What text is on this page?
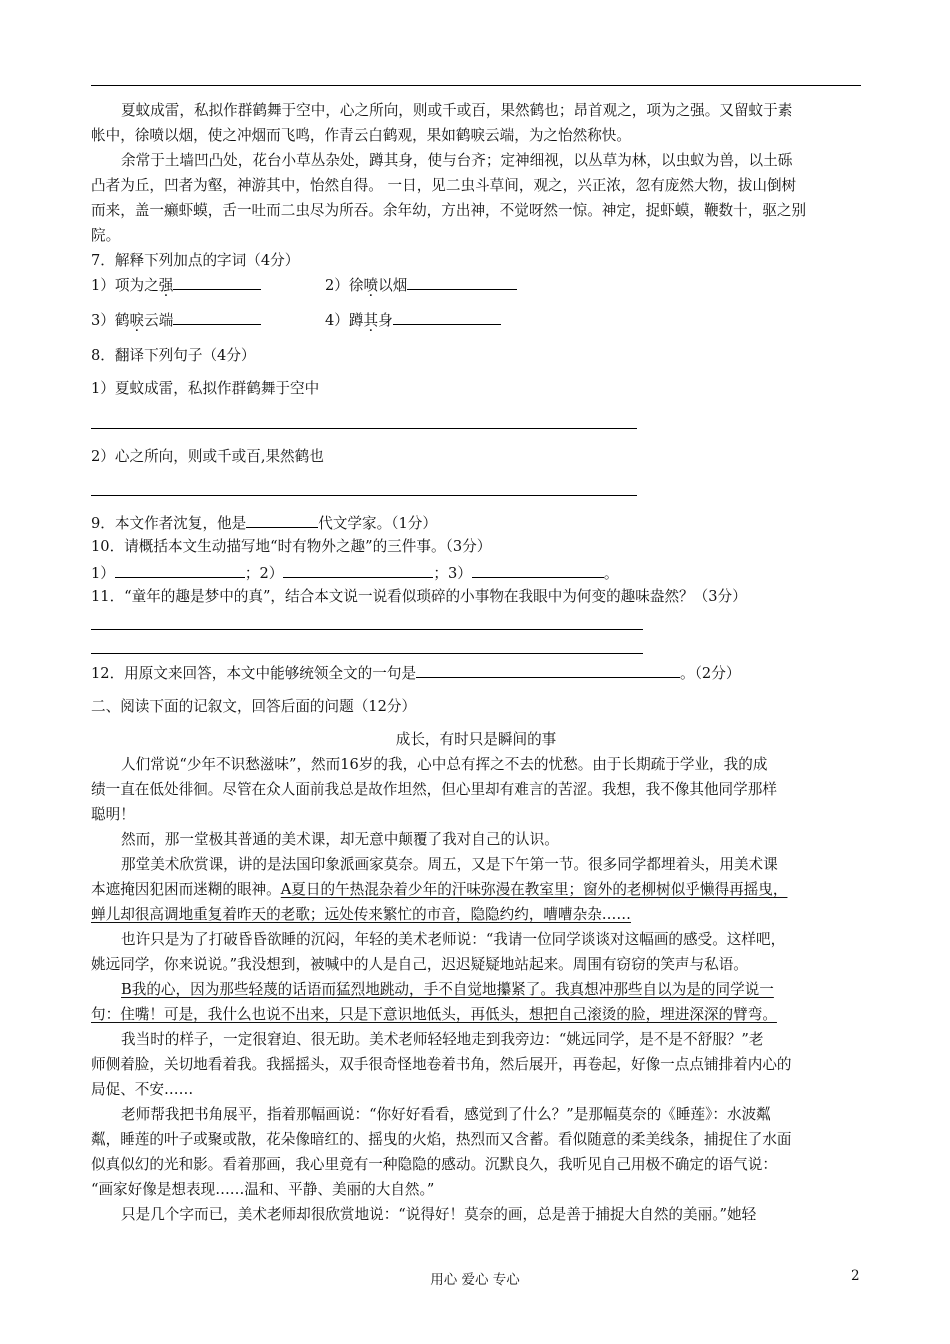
夏蚊成雷，私拟作群鹤舞于空中，心之所向，则或千或百，果然鹤也；昂首观之，项为之强。又留蚊于素
帐中，徐喷以烟，使之冲烟而飞鸣，作青云白鹤观，果如鹤唳云端，为之怡然称快。
余常于土墙凹凸处，花台小草丛杂处，蹲其身，使与台齐；定神细视，以丛草为林，以虫蚁为兽，以土砾
凸者为丘，凹者为壑，神游其中，怡然自得。 一日，见二虫斗草间，观之，兴正浓，忽有庞然大物，拔山倒树
而来，盖一癞虾蟆，舌一吐而二虫尽为所吞。余年幼，方出神，不觉呀然一惊。神定，捉虾蟆，鞭数十，驱之别
院。
7．解释下列加点的字词（4分）
1）项为之强	2）徐喷以烟
3）鹤唳云端	4）蹲其身
8．翻译下列句子（4分）
1）夏蚊成雷，私拟作群鹤舞于空中
2）心之所向，则或千或百,果然鹤也
9．本文作者沈复，他是	代文学家。（1分）
10．请概括本文生动描写地“时有物外之趣”的三件事。（3分）
1）	；2）	；3）	。
11．“童年的趣是梦中的真”，结合本文说一说看似琐碎的小事物在我眼中为何变的趣味盎然？（3分）
12．用原文来回答，本文中能够统领全文的一句是	。（2分）
二、阅读下面的记叙文，回答后面的问题（12分）
成长，有时只是瞬间的事
人们常说“少年不识愁滋味”，然而16岁的我，心中总有挥之不去的忧愁。由于长期疏于学业，我的成
绩一直在低处徘徊。尽管在众人面前我总是故作坦然，但心里却有难言的苦涩。我想，我不像其他同学那样
聪明！
然而，那一堂极其普通的美术课，却无意中颠覆了我对自己的认识。
那堂美术欣赏课，讲的是法国印象派画家莫奈。周五，又是下午第一节。很多同学都埋着头，用美术课
本遮掩因犯困而迷糊的眼神。A夏日的午热混杂着少年的汗味弥漫在教室里；窗外的老柳树似乎懒得再摇曳，
蝉儿却很高调地重复着昨天的老歌；远处传来繁忙的市音，隐隐约约，嘈嘈杂杂……
也许只是为了打破昏昏欲睡的沉闷，年轻的美术老师说：“我请一位同学谈谈对这幅画的感受。这样吧，
姚远同学，你来说说。”我没想到，被喊中的人是自己，迟迟疑疑地站起来。周围有窃窃的笑声与私语。
B我的心，因为那些轻蔑的话语而猛烈地跳动，手不自觉地攥紧了。我真想冲那些自以为是的同学说一
句：住嘴！可是，我什么也说不出来，只是下意识地低头，再低头，想把自己滚烫的脸，埋进深深的臂弯。
我当时的样子，一定很窘迫、很无助。美术老师轻轻地走到我旁边：“姚远同学，是不是不舒服？”老
师侧着脸，关切地看着我。我摇摇头，双手很奇怪地卷着书角，然后展开，再卷起，好像一点点铺排着内心的
局促、不安……
老师帮我把书角展平，指着那幅画说：“你好好看看，感觉到了什么？”是那幅莫奈的《睡莲》：水波粼
粼，睡莲的叶子或聚或散，花朵像暗红的、摇曳的火焰，热烈而又含蓄。看似随意的柔美线条，捕捉住了水面
似真似幻的光和影。看着那画，我心里竟有一种隐隐的感动。沉默良久，我听见自己用极不确定的语气说：
“画家好像是想表现……温和、平静、美丽的大自然。”
只是几个字而已，美术老师却很欣赏地说：“说得好！莫奈的画，总是善于捕捉大自然的美丽。”她轻
用心 爱心 专心	2
